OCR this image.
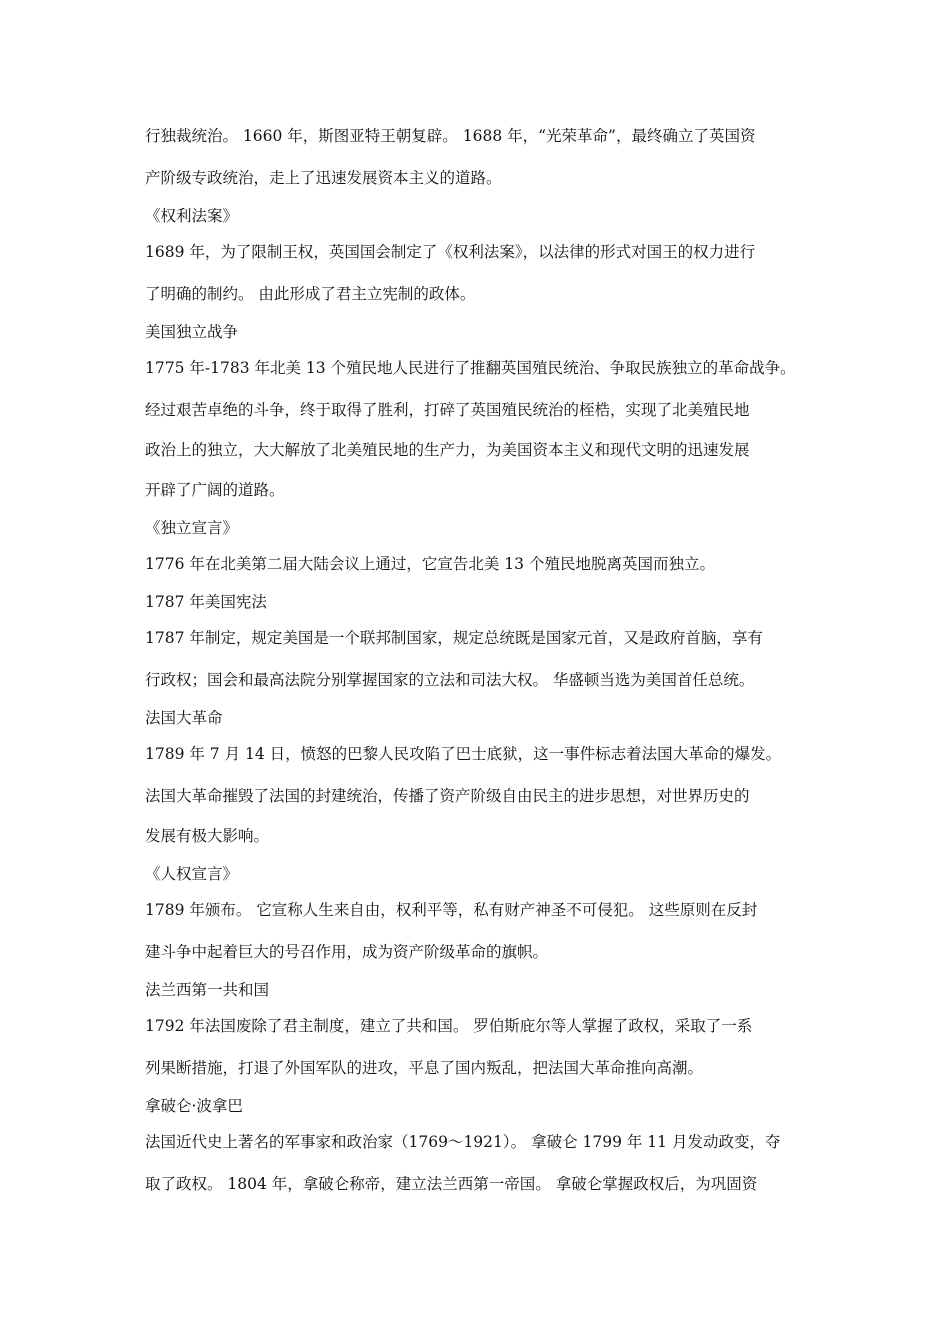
行独裁统治。 1660 年，斯图亚特王朝复辟。 1688 年，“光荣革命”，最终确立了英国资
产阶级专政统治，走上了迅速发展资本主义的道路。
《权利法案》
1689 年，为了限制王权，英国国会制定了《权利法案》，以法律的形式对国王的权力进行
了明确的制约。 由此形成了君主立宪制的政体。
美国独立战争
1775 年-1783 年北美 13 个殖民地人民进行了推翻英国殖民统治、争取民族独立的革命战争。
经过艰苦卓绝的斗争，终于取得了胜利，打碎了英国殖民统治的桎梏，实现了北美殖民地
政治上的独立，大大解放了北美殖民地的生产力，为美国资本主义和现代文明的迅速发展
开辟了广阔的道路。
《独立宣言》
1776 年在北美第二届大陆会议上通过，它宣告北美 13 个殖民地脱离英国而独立。
1787 年美国宪法
1787 年制定，规定美国是一个联邦制国家，规定总统既是国家元首，又是政府首脑，享有
行政权；国会和最高法院分别掌握国家的立法和司法大权。 华盛顿当选为美国首任总统。
法国大革命
1789 年 7 月 14 日，愤怒的巴黎人民攻陷了巴士底狱，这一事件标志着法国大革命的爆发。
法国大革命摧毁了法国的封建统治，传播了资产阶级自由民主的进步思想，对世界历史的
发展有极大影响。
《人权宣言》
1789 年颁布。 它宣称人生来自由，权利平等，私有财产神圣不可侵犯。 这些原则在反封
建斗争中起着巨大的号召作用，成为资产阶级革命的旗帜。
法兰西第一共和国
1792 年法国废除了君主制度，建立了共和国。 罗伯斯庇尔等人掌握了政权，采取了一系
列果断措施，打退了外国军队的进攻，平息了国内叛乱，把法国大革命推向高潮。
拿破仑·波拿巴
法国近代史上著名的军事家和政治家（1769～1921）。 拿破仑 1799 年 11 月发动政变，夺
取了政权。 1804 年，拿破仑称帝，建立法兰西第一帝国。 拿破仑掌握政权后，为巩固资
